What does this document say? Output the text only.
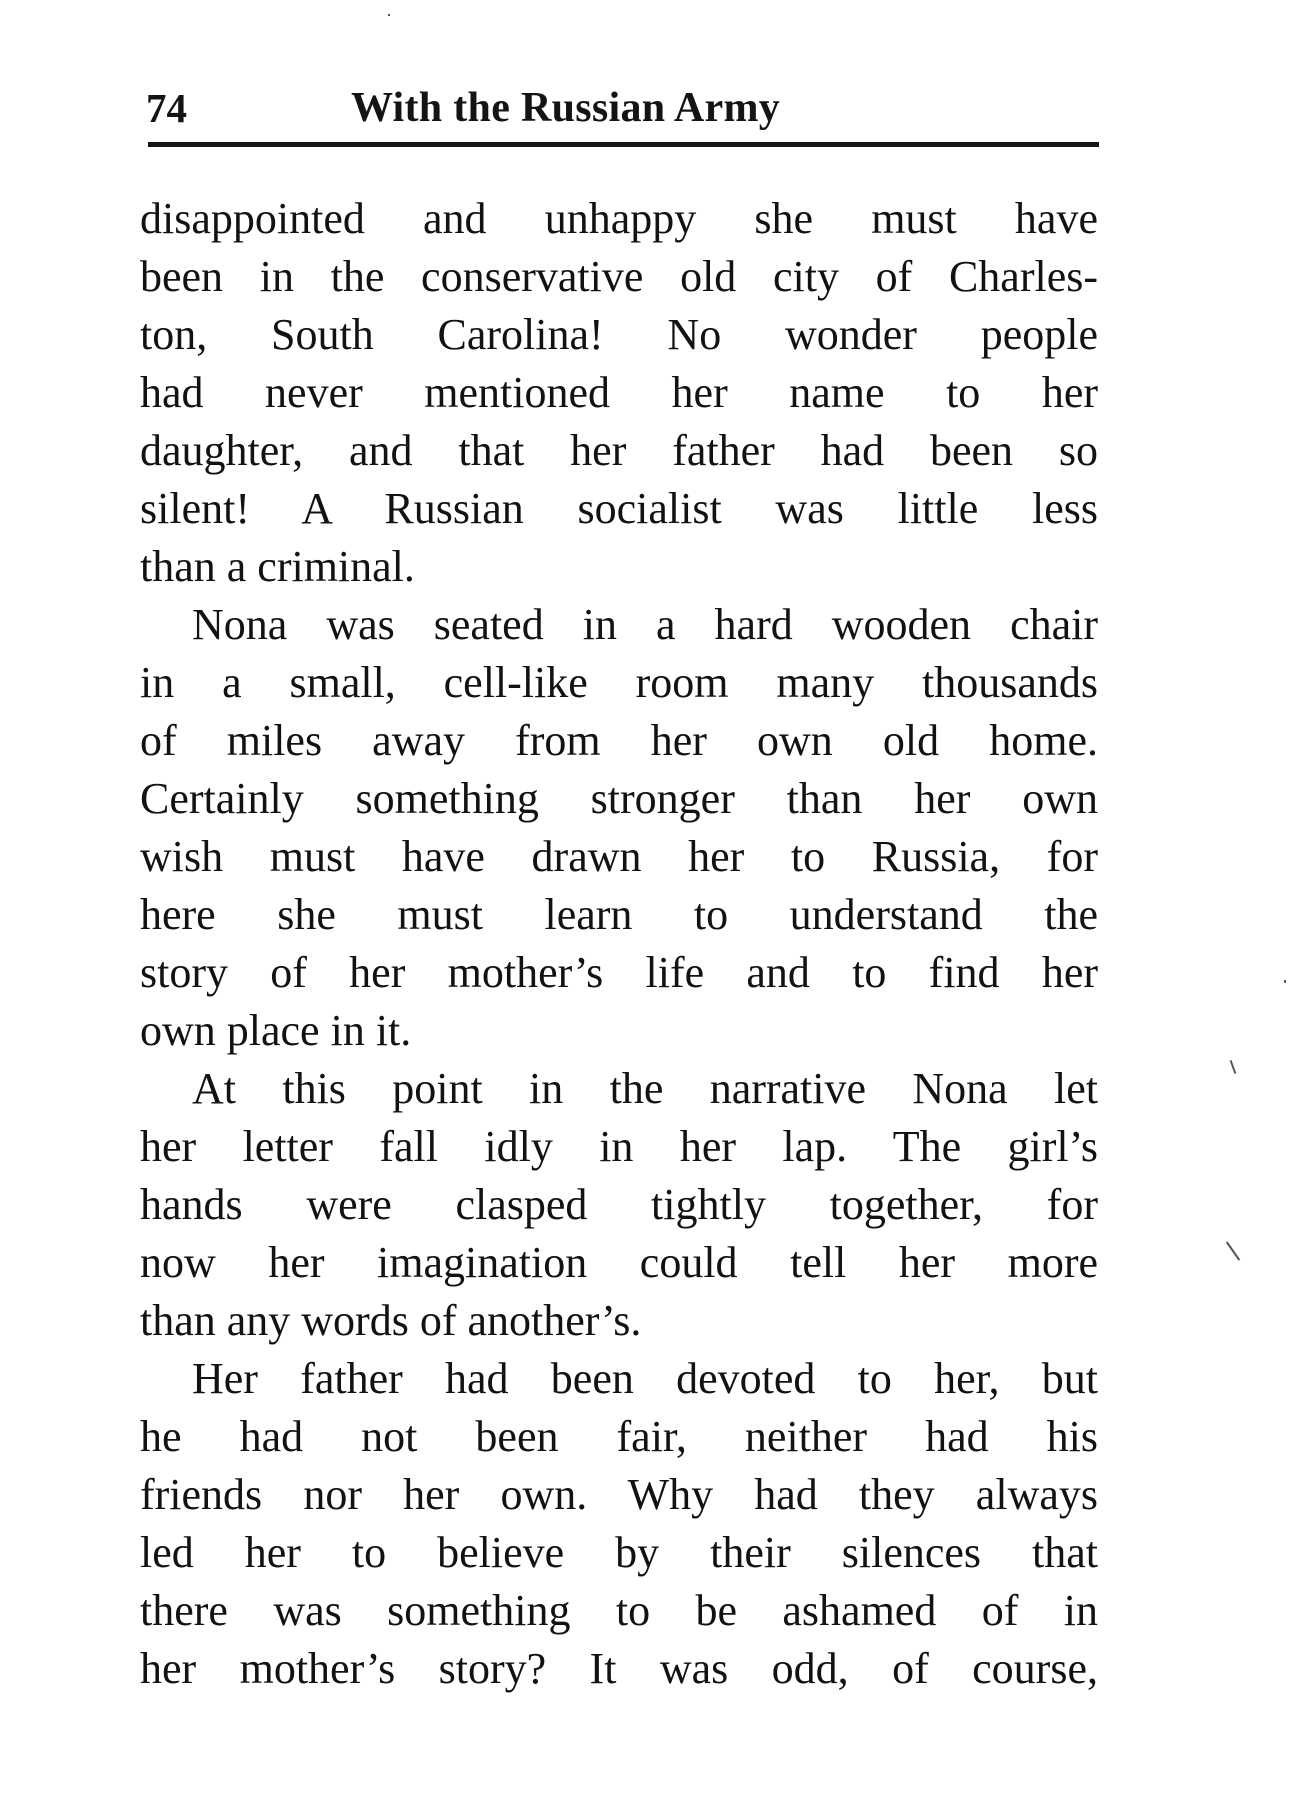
74	With the Russian Army
disappointed and unhappy she must have
been in the conservative old city of Charles-
ton, South Carolina! No wonder people
had never mentioned her name to her
daughter, and that her father had been so
silent! A Russian socialist was little less
than a criminal.
Nona was seated in a hard wooden chair
in a small, cell-like room many thousands
of miles away from her own old home.
Certainly something stronger than her own
wish must have drawn her to Russia, for
here she must learn to understand the
story of her mother’s life and to find her
own place in it.
At this point in the narrative Nona let
her letter fall idly in her lap. The girl’s
hands were clasped tightly together, for
now her imagination could tell her more
than any words of another’s.
Her father had been devoted to her, but
he had not been fair, neither had his
friends nor her own. Why had they always
led her to believe by their silences that
there was something to be ashamed of in
her mother’s story? It was odd, of course,
